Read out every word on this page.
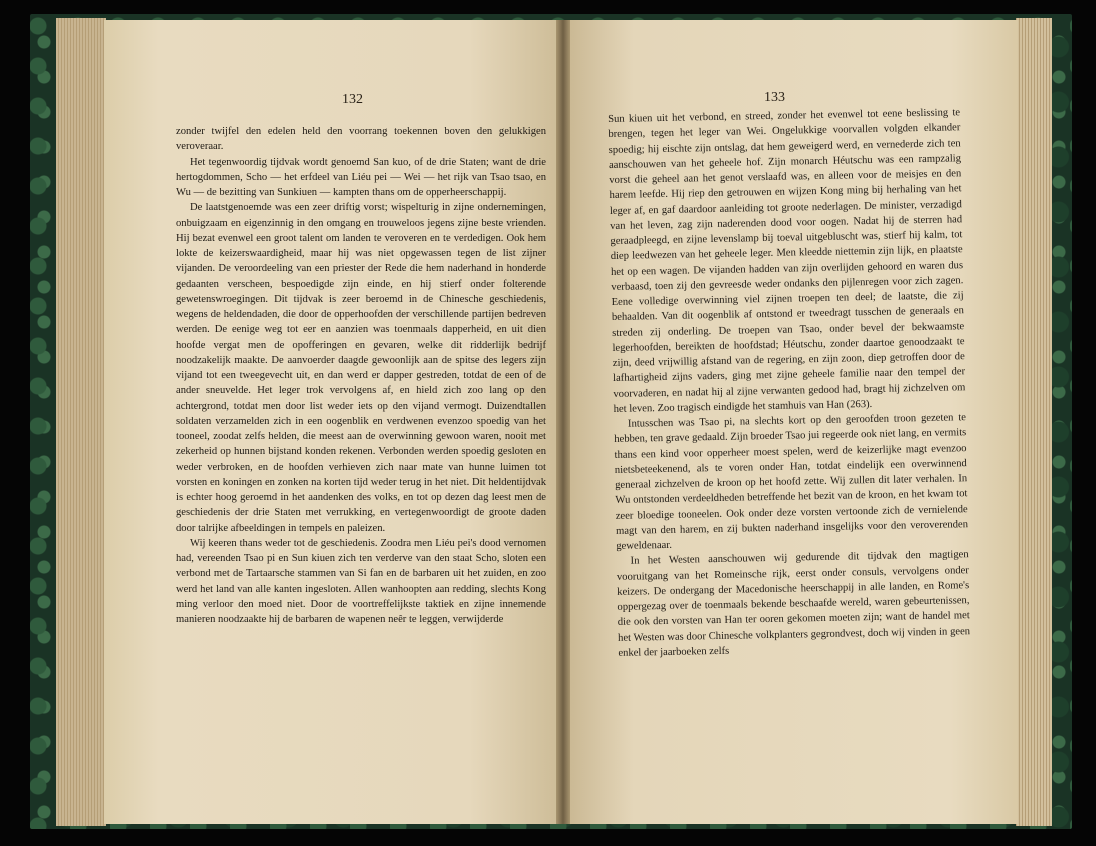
132	133

zonder twijfel den edelen held den voorrang toekennen boven den gelukkigen veroveraar.

Het tegenwoordig tijdvak wordt genoemd San kuo, of de drie Staten; want de drie hertogdommen, Scho — het erfdeel van Liéu pei — Wei — het rijk van Tsao tsao, en Wu — de bezitting van Sunkiuen — kampten thans om de opperheerschappij.

De laatstgenoemde was een zeer driftig vorst; wispelturig in zijne ondernemingen, onbuigzaam en eigenzinnig in den omgang en trouweloos jegens zijne beste vrienden. Hij bezat evenwel een groot talent om landen te veroveren en te verdedigen. Ook hem lokte de keizerswaardigheid, maar hij was niet opgewassen tegen de list zijner vijanden. De veroordeeling van een priester der Rede die hem naderhand in honderde gedaanten verscheen, bespoedigde zijn einde, en hij stierf onder folterende gewetenswroegingen. Dit tijdvak is zeer beroemd in de Chinesche geschiedenis, wegens de heldendaden, die door de opperhoofden der verschillende partijen bedreven werden. De eenige weg tot eer en aanzien was toenmaals dapperheid, en uit dien hoofde vergat men de opofferingen en gevaren, welke dit ridderlijk bedrijf noodzakelijk maakte. De aanvoerder daagde gewoonlijk aan de spitse des legers zijn vijand tot een tweegevecht uit, en dan werd er dapper gestreden, totdat de een of de ander sneuvelde. Het leger trok vervolgens af, en hield zich zoo lang op den achtergrond, totdat men door list weder iets op den vijand vermogt. Duizendtallen soldaten verzamelden zich in een oogenblik en verdwenen evenzoo spoedig van het tooneel, zoodat zelfs helden, die meest aan de overwinning gewoon waren, nooit met zekerheid op hunnen bijstand konden rekenen. Verbonden werden spoedig gesloten en weder verbroken, en de hoofden verhieven zich naar mate van hunne luimen tot vorsten en koningen en zonken na korten tijd weder terug in het niet. Dit heldentijdvak is echter hoog geroemd in het aandenken des volks, en tot op dezen dag leest men de geschiedenis der drie Staten met verrukking, en vertegenwoordigt de groote daden door talrijke afbeeldingen in tempels en paleizen.

Wij keeren thans weder tot de geschiedenis. Zoodra men Liéu pei's dood vernomen had, vereenden Tsao pi en Sun kiuen zich ten verderve van den staat Scho, sloten een verbond met de Tartaarsche stammen van Si fan en de barbaren uit het zuiden, en zoo werd het land van alle kanten ingesloten. Allen wanhoopten aan redding, slechts Kong ming verloor den moed niet. Door de voortreffelijkste taktiek en zijne innemende manieren noodzaakte hij de barbaren de wapenen neêr te leggen, verwijderde

Sun kiuen uit het verbond, en streed, zonder het evenwel tot eene beslissing te brengen, tegen het leger van Wei. Ongelukkige voorvallen volgden elkander spoedig; hij eischte zijn ontslag, dat hem geweigerd werd, en vernederde zich ten aanschouwen van het geheele hof. Zijn monarch Héutschu was een rampzalig vorst die geheel aan het genot verslaafd was, en alleen voor de meisjes en den harem leefde. Hij riep den getrouwen en wijzen Kong ming bij herhaling van het leger af, en gaf daardoor aanleiding tot groote nederlagen. De minister, verzadigd van het leven, zag zijn naderenden dood voor oogen. Nadat hij de sterren had geraadpleegd, en zijne levenslamp bij toeval uitgebluscht was, stierf hij kalm, tot diep leedwezen van het geheele leger. Men kleedde niettemin zijn lijk, en plaatste het op een wagen. De vijanden hadden van zijn overlijden gehoord en waren dus verbaasd, toen zij den gevreesde weder ondanks den pijlenregen voor zich zagen. Eene volledige overwinning viel zijnen troepen ten deel; de laatste, die zij behaalden. Van dit oogenblik af ontstond er tweedragt tusschen de generaals en streden zij onderling. De troepen van Tsao, onder bevel der bekwaamste legerhoofden, bereikten de hoofdstad; Héutschu, zonder daartoe genoodzaakt te zijn, deed vrijwillig afstand van de regering, en zijn zoon, diep getroffen door de lafhartigheid zijns vaders, ging met zijne geheele familie naar den tempel der voorvaderen, en nadat hij al zijne verwanten gedood had, bragt hij zichzelven om het leven. Zoo tragisch eindigde het stamhuis van Han (263).

Intusschen was Tsao pi, na slechts kort op den geroofden troon gezeten te hebben, ten grave gedaald. Zijn broeder Tsao jui regeerde ook niet lang, en vermits thans een kind voor opperheer moest spelen, werd de keizerlijke magt evenzoo nietsbeteekenend, als te voren onder Han, totdat eindelijk een overwinnend generaal zichzelven de kroon op het hoofd zette. Wij zullen dit later verhalen. In Wu ontstonden verdeeldheden betreffende het bezit van de kroon, en het kwam tot zeer bloedige tooneelen. Ook onder deze vorsten vertoonde zich de vernielende magt van den harem, en zij bukten naderhand insgelijks voor den veroverenden geweldenaar.

In het Westen aanschouwen wij gedurende dit tijdvak den magtigen vooruitgang van het Romeinsche rijk, eerst onder consuls, vervolgens onder keizers. De ondergang der Macedonische heerschappij in alle landen, en Rome's oppergezag over de toenmaals bekende beschaafde wereld, waren gebeurtenissen, die ook den vorsten van Han ter ooren gekomen moeten zijn; want de handel met het Westen was door Chinesche volkplanters gegrondvest, doch wij vinden in geen enkel der jaarboeken zelfs
